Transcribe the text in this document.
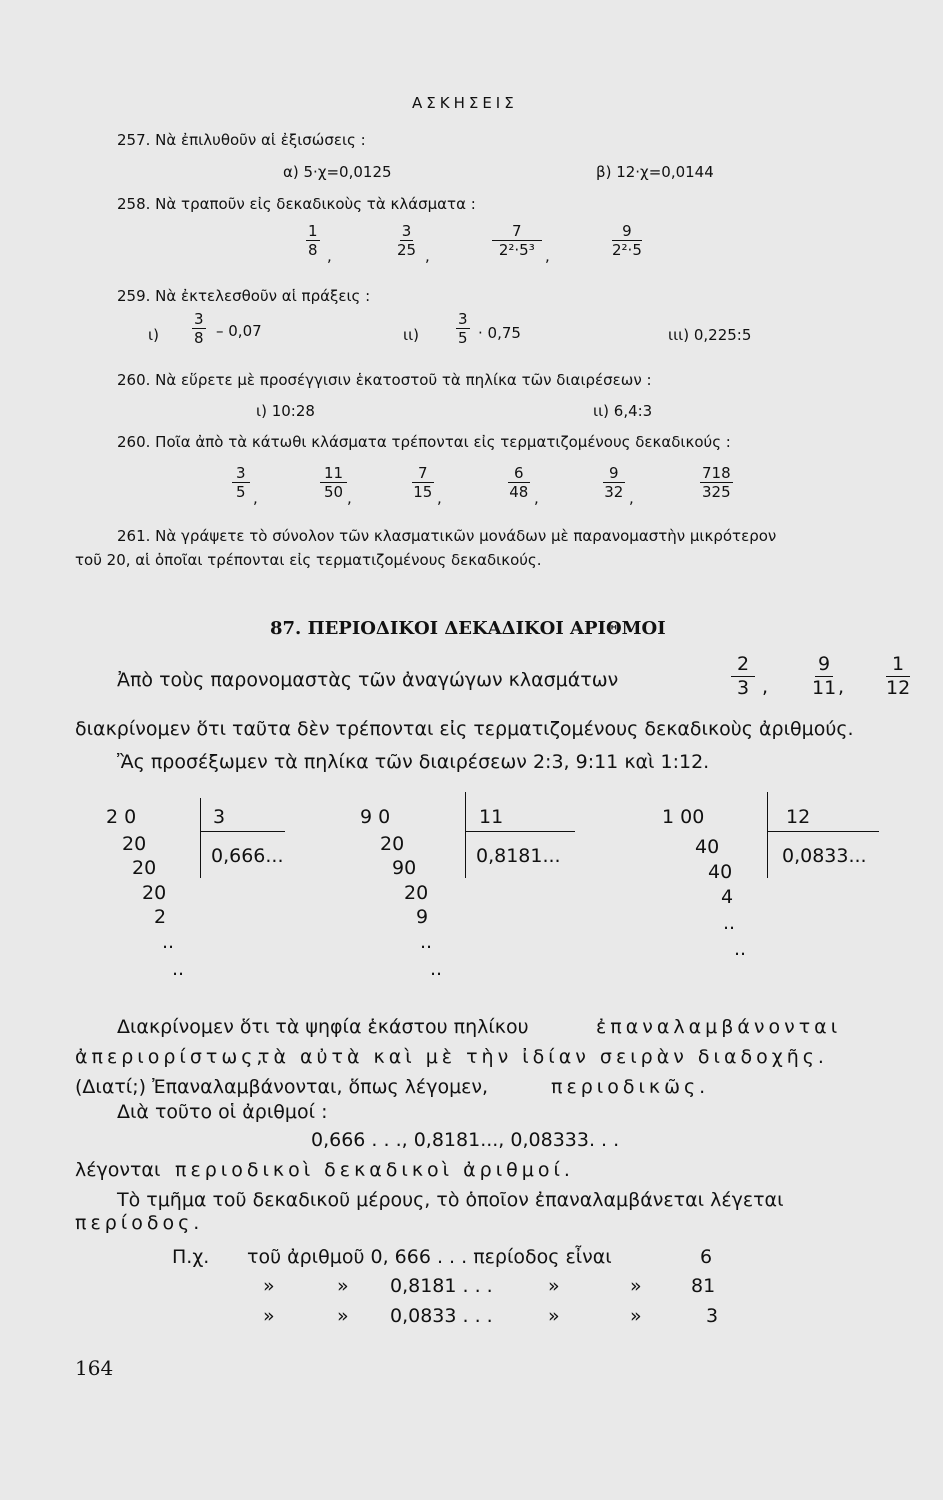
ΑΣΚΗΣΕΙΣ
257. Νὰ ἐπιλυθοῦν αἱ ἐξισώσεις :
α) 5·χ=0,0125	β) 12·χ=0,0144
258. Νὰ τραποῦν εἰς δεκαδικοὺς τὰ κλάσματα :
$\frac{1}{8}$ ,	$\frac{3}{25}$ ,	$\frac{7}{\text{2²·5³}}$ ,	$\frac{9}{\text{2²·5}}$
259. Νὰ ἐκτελεσθοῦν αἱ πράξεις :
$\iota) \frac{3}{8} - 0,07$	$\iota\iota) \frac{3}{5} \cdot 0,75$	ιιι) 0,225:5
260. Νὰ εὕρετε μὲ προσέγγισιν ἑκατοστοῦ τὰ πηλίκα τῶν διαιρέσεων :
ι) 10:28	ιι) 6,4:3
260. Ποῖα ἀπὸ τὰ κάτωθι κλάσματα τρέπονται εἰς τερματιζομένους δεκαδικούς :
$\frac{3}{5}$ ,	$\frac{11}{50}$ ,	$\frac{7}{15}$ ,	$\frac{6}{48}$ ,	$\frac{9}{32}$ ,	$\frac{718}{325}$
261. Νὰ γράψετε τὸ σύνολον τῶν κλασματικῶν μονάδων μὲ παρανομαστὴν μικρότερον
τοῦ 20, αἱ ὁποῖαι τρέπονται εἰς τερματιζομένους δεκαδικούς.
87. ΠΕΡΙΟΔΙΚΟΙ ΔΕΚΑΔΙΚΟΙ ΑΡΙΘΜΟΙ
Ἀπὸ τοὺς παρονομαστὰς τῶν ἀναγώγων κλασμάτων	$\frac{2}{3}$ , $\frac{9}{11}$ , $\frac{1}{12}$
διακρίνομεν ὅτι ταῦτα δὲν τρέπονται εἰς τερματιζομένους δεκαδικοὺς ἀριθμούς.
Ἂς προσέξωμεν τὰ πηλίκα τῶν διαιρέσεων 2:3, 9:11 καὶ 1:12.
2 0	3
0,666...
20
20
20
2
..
..
9 0	11
0,8181...
20
90
20
9
..
..
1 00	12
0,0833...
40
40
4
..
..
Διακρίνομεν ὅτι τὰ ψηφία ἑκάστου πηλίκου	ἐπαναλαμβάνονται
ἀπεριορίστως,
τὰ αὐτὰ καὶ μὲ τὴν ἰδίαν σειρὰν διαδοχῆς.
(Διατί;) Ἐπαναλαμβάνονται, ὅπως λέγομεν,	περιοδικῶς.
Διὰ τοῦτο οἱ ἀριθμοί :
0,666 . . ., 0,8181..., 0,08333. . .
λέγονται περιοδικοὶ δεκαδικοὶ ἀριθμοί.
Τὸ τμῆμα τοῦ δεκαδικοῦ μέρους, τὸ ὁποῖον ἐπαναλαμβάνεται λέγεται
περίοδος.
Π.χ. τοῦ ἀριθμοῦ 0, 666 . . . περίοδος εἶναι	6
»	» 0,8181 . . .	»	»	81
»	» 0,0833 . . .	»	»	3
164
